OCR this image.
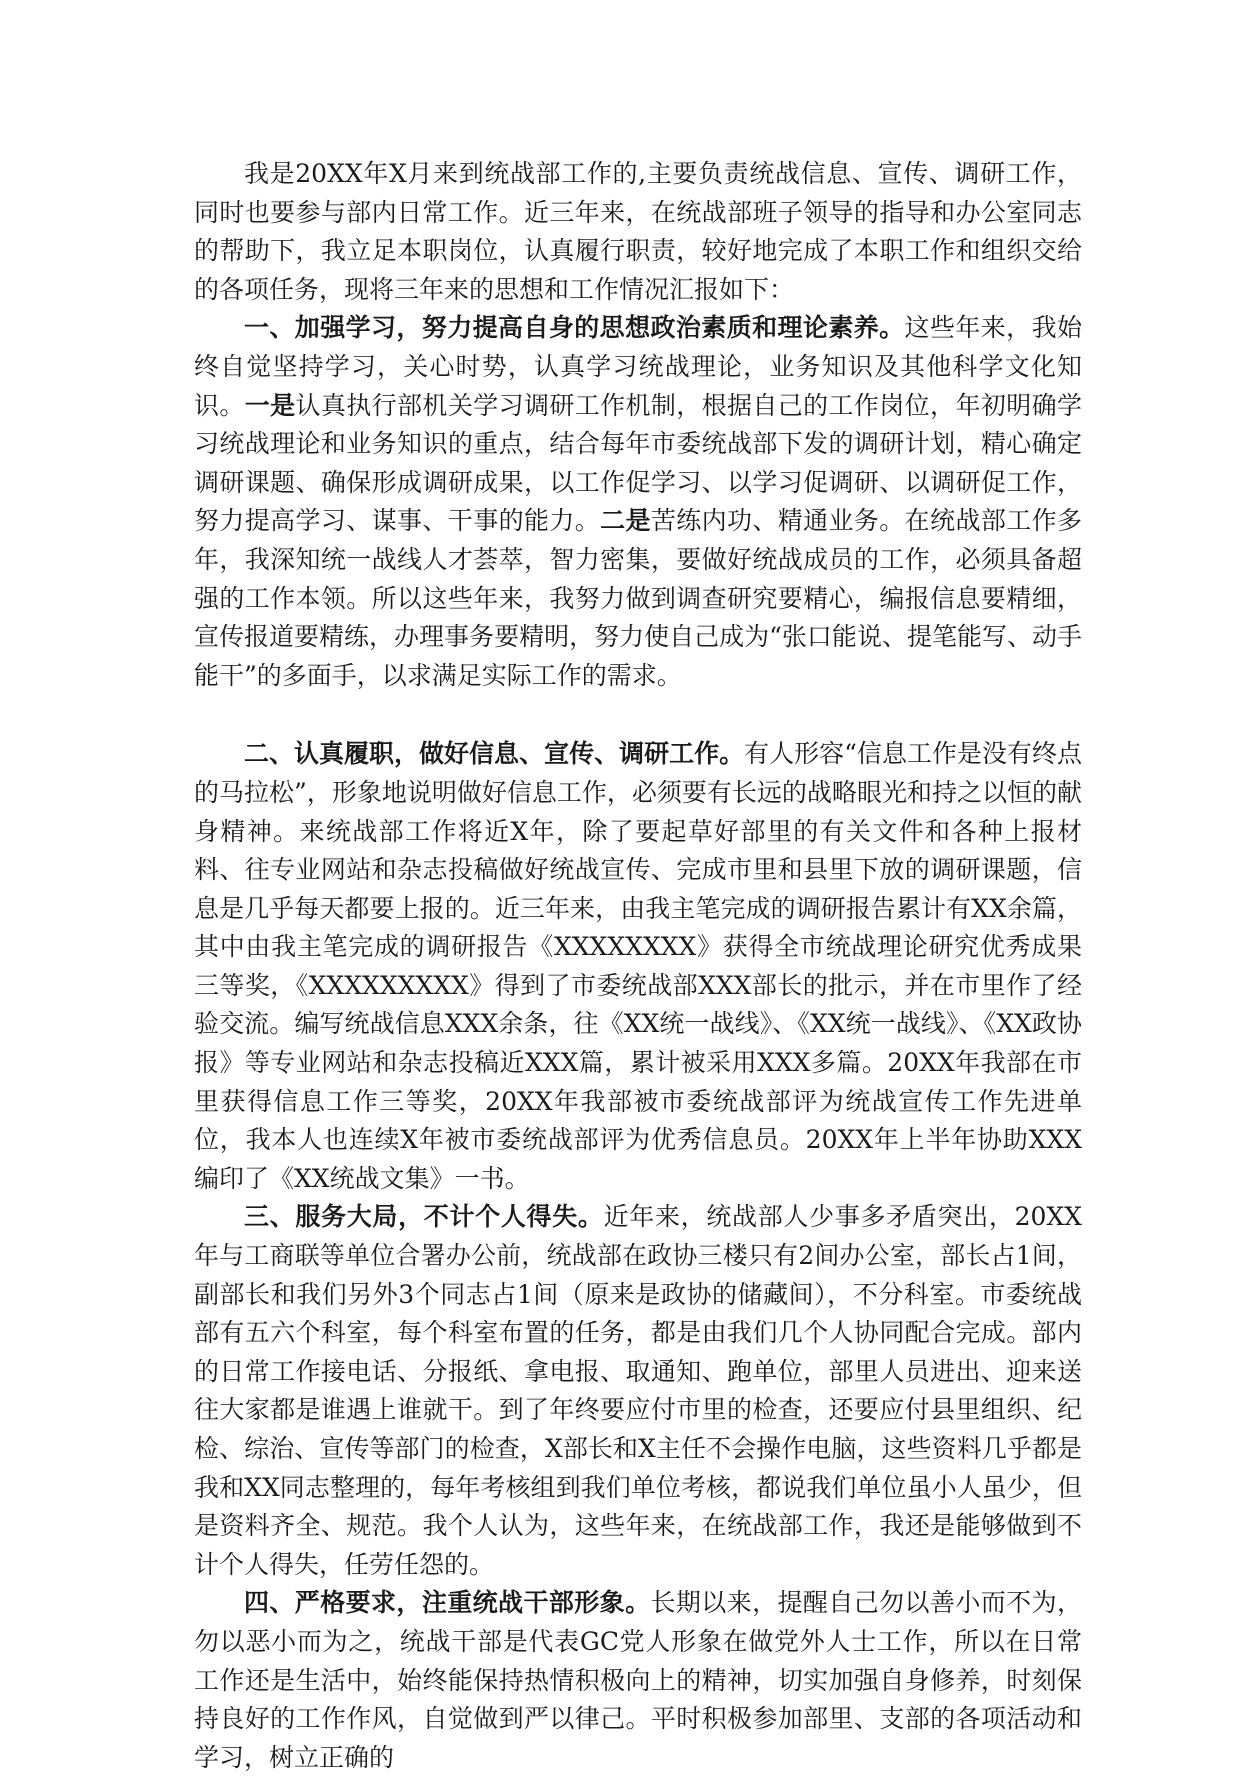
我是20XX年X月来到统战部工作的,主要负责统战信息、宣传、调研工作，同时也要参与部内日常工作。近三年来，在统战部班子领导的指导和办公室同志的帮助下，我立足本职岗位，认真履行职责，较好地完成了本职工作和组织交给的各项任务，现将三年来的思想和工作情况汇报如下：

一、加强学习，努力提高自身的思想政治素质和理论素养。这些年来，我始终自觉坚持学习，关心时势，认真学习统战理论，业务知识及其他科学文化知识。一是认真执行部机关学习调研工作机制，根据自己的工作岗位，年初明确学习统战理论和业务知识的重点，结合每年市委统战部下发的调研计划，精心确定调研课题、确保形成调研成果，以工作促学习、以学习促调研、以调研促工作，努力提高学习、谋事、干事的能力。二是苦练内功、精通业务。在统战部工作多年，我深知统一战线人才荟萃，智力密集，要做好统战成员的工作，必须具备超强的工作本领。所以这些年来，我努力做到调查研究要精心，编报信息要精细，宣传报道要精练，办理事务要精明，努力使自己成为“张口能说、提笔能写、动手能干”的多面手，以求满足实际工作的需求。

二、认真履职，做好信息、宣传、调研工作。有人形容“信息工作是没有终点的马拉松”，形象地说明做好信息工作，必须要有长远的战略眼光和持之以恒的献身精神。来统战部工作将近X年，除了要起草好部里的有关文件和各种上报材料、往专业网站和杂志投稿做好统战宣传、完成市里和县里下放的调研课题，信息是几乎每天都要上报的。近三年来，由我主笔完成的调研报告累计有XX余篇，其中由我主笔完成的调研报告《XXXXXXXX》获得全市统战理论研究优秀成果三等奖，《XXXXXXXXX》得到了市委统战部XXX部长的批示，并在市里作了经验交流。编写统战信息XXX余条，往《XX统一战线》、《XX统一战线》、《XX政协报》等专业网站和杂志投稿近XXX篇，累计被采用XXX多篇。20XX年我部在市里获得信息工作三等奖，20XX年我部被市委统战部评为统战宣传工作先进单位，我本人也连续X年被市委统战部评为优秀信息员。20XX年上半年协助XXX编印了《XX统战文集》一书。

三、服务大局，不计个人得失。近年来，统战部人少事多矛盾突出，20XX年与工商联等单位合署办公前，统战部在政协三楼只有2间办公室，部长占1间，副部长和我们另外3个同志占1间（原来是政协的储藏间），不分科室。市委统战部有五六个科室，每个科室布置的任务，都是由我们几个人协同配合完成。部内的日常工作接电话、分报纸、拿电报、取通知、跑单位，部里人员进出、迎来送往大家都是谁遇上谁就干。到了年终要应付市里的检查，还要应付县里组织、纪检、综治、宣传等部门的检查，X部长和X主任不会操作电脑，这些资料几乎都是我和XX同志整理的，每年考核组到我们单位考核，都说我们单位虽小人虽少，但是资料齐全、规范。我个人认为，这些年来，在统战部工作，我还是能够做到不计个人得失，任劳任怨的。

四、严格要求，注重统战干部形象。长期以来，提醒自己勿以善小而不为，勿以恶小而为之，统战干部是代表GC党人形象在做党外人士工作，所以在日常工作还是生活中，始终能保持热情积极向上的精神，切实加强自身修养，时刻保持良好的工作作风，自觉做到严以律己。平时积极参加部里、支部的各项活动和学习，树立正确的
